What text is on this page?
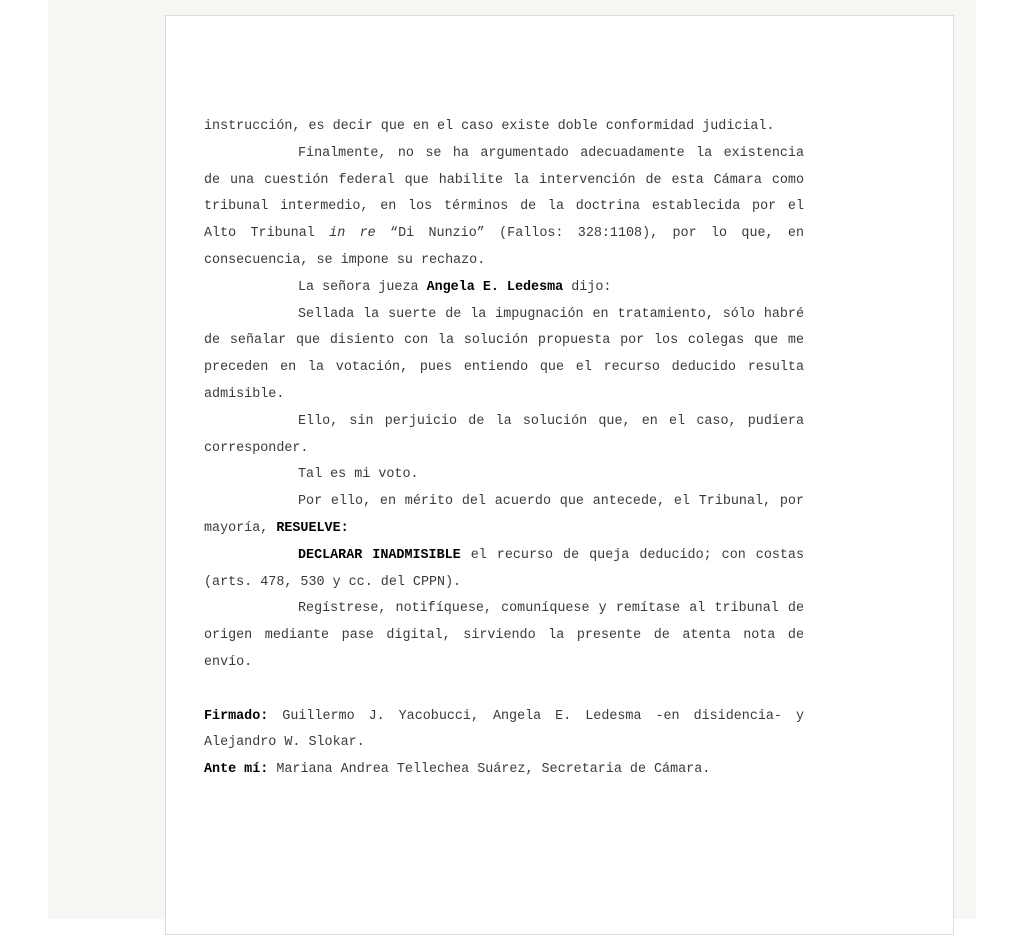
instrucción, es decir que en el caso existe doble conformidad judicial.

Finalmente, no se ha argumentado adecuadamente la existencia de una cuestión federal que habilite la intervención de esta Cámara como tribunal intermedio, en los términos de la doctrina establecida por el Alto Tribunal in re “Di Nunzio” (Fallos: 328:1108), por lo que, en consecuencia, se impone su rechazo.

La señora jueza Angela E. Ledesma dijo:

Sellada la suerte de la impugnación en tratamiento, sólo habré de señalar que disiento con la solución propuesta por los colegas que me preceden en la votación, pues entiendo que el recurso deducido resulta admisible.

Ello, sin perjuicio de la solución que, en el caso, pudiera corresponder.

Tal es mi voto.

Por ello, en mérito del acuerdo que antecede, el Tribunal, por mayoría, RESUELVE:

DECLARAR INADMISIBLE el recurso de queja deducido; con costas (arts. 478, 530 y cc. del CPPN).

Regístrese, notifíquese, comuníquese y remítase al tribunal de origen mediante pase digital, sirviendo la presente de atenta nota de envío.

Firmado: Guillermo J. Yacobucci, Angela E. Ledesma -en disidencia- y Alejandro W. Slokar.

Ante mí: Mariana Andrea Tellechea Suárez, Secretaria de Cámara.
